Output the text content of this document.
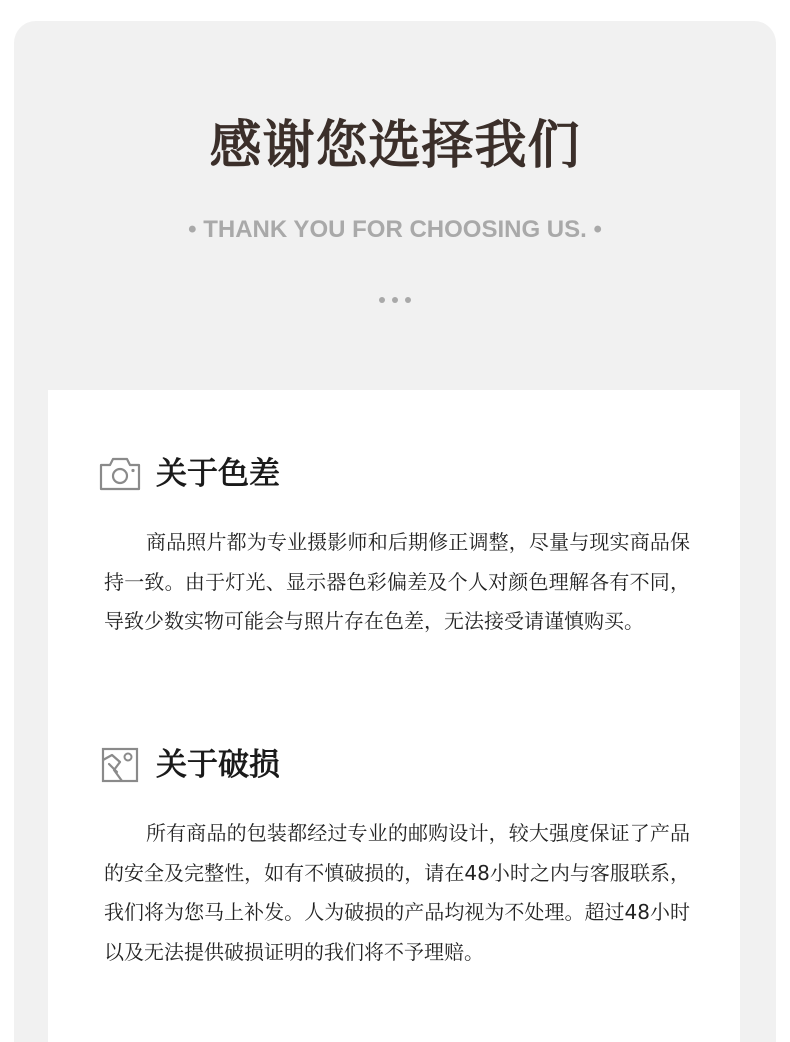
感谢您选择我们
• THANK YOU FOR CHOOSING US. •
关于色差

商品照片都为专业摄影师和后期修正调整，尽量与现实商品保持一致。由于灯光、显示器色彩偏差及个人对颜色理解各有不同，导致少数实物可能会与照片存在色差，无法接受请谨慎购买。

关于破损

所有商品的包装都经过专业的邮购设计，较大强度保证了产品的安全及完整性，如有不慎破损的，请在48小时之内与客服联系，我们将为您马上补发。人为破损的产品均视为不处理。超过48小时以及无法提供破损证明的我们将不予理赔。
